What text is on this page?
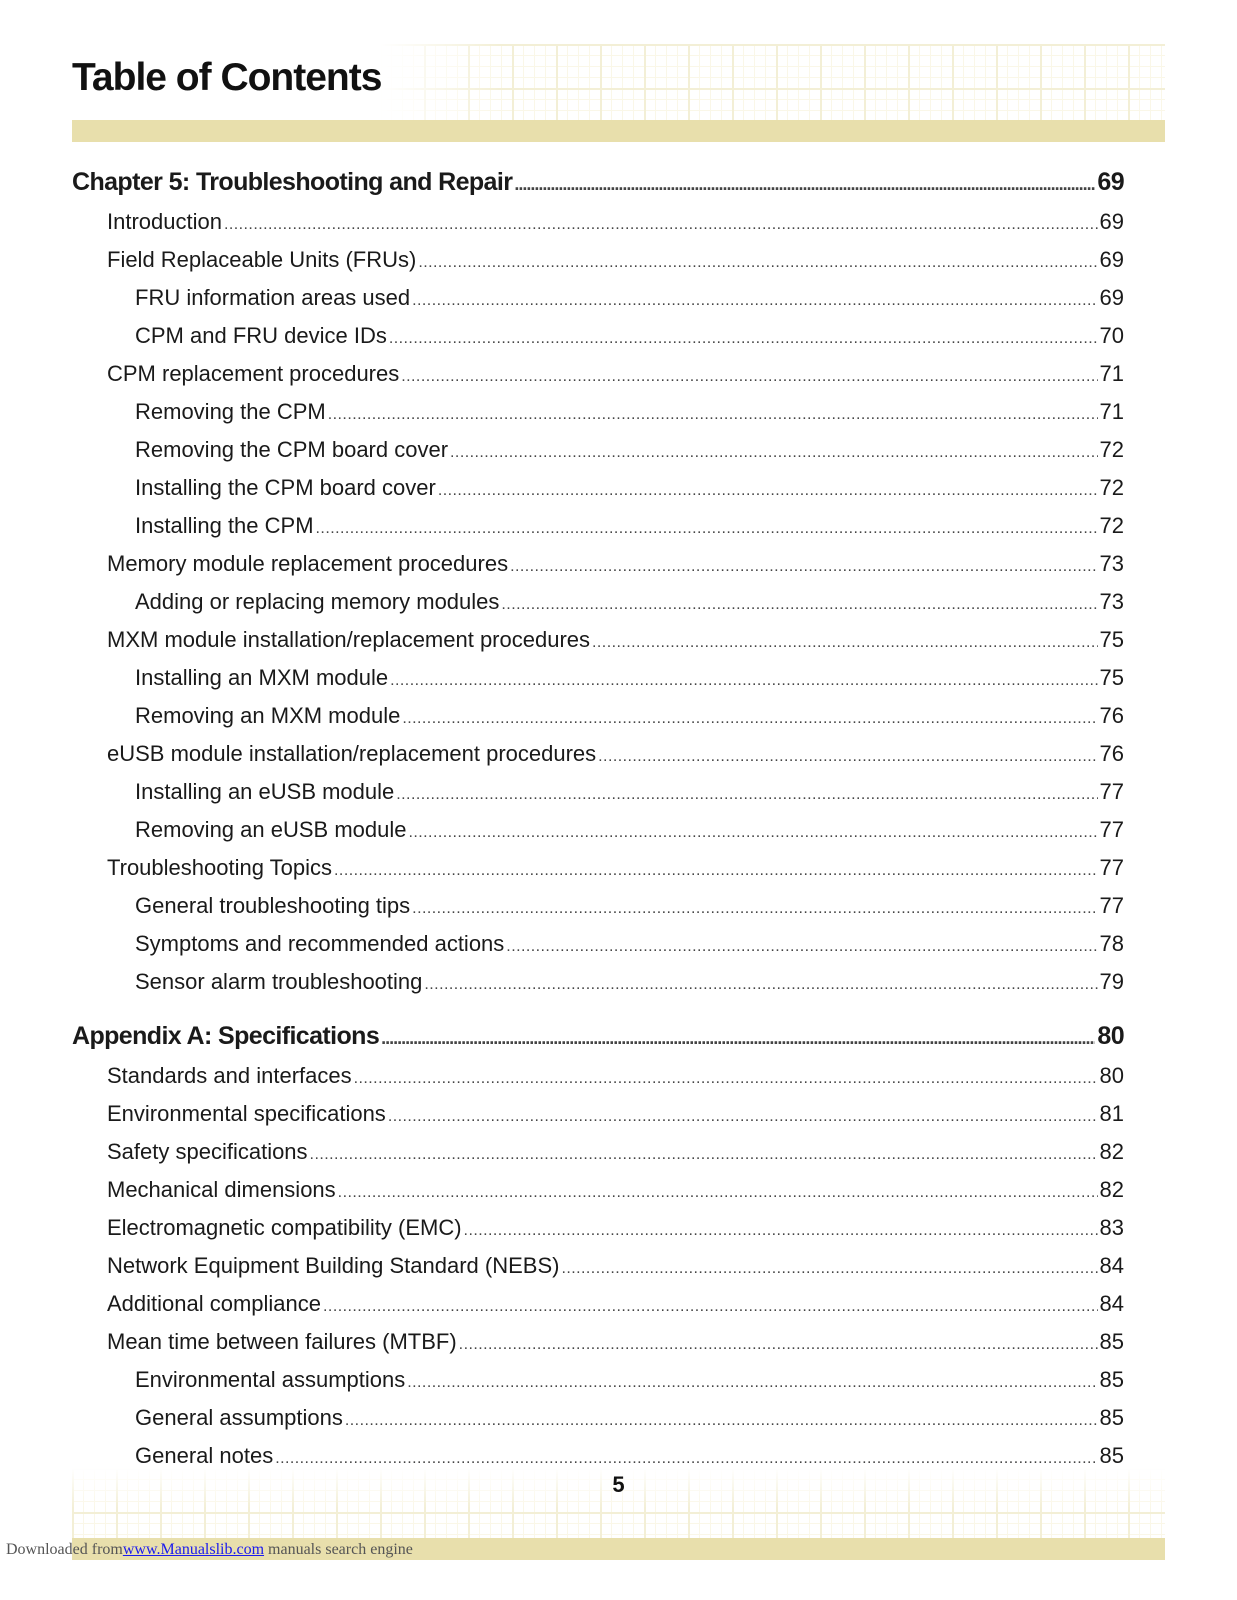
Table of Contents
Chapter 5: Troubleshooting and Repair . . .	69
Introduction . . .	69
Field Replaceable Units (FRUs) . . .	69
FRU information areas used . . .	69
CPM and FRU device IDs . . .	70
CPM replacement procedures . . .	71
Removing the CPM . . .	71
Removing the CPM board cover . . .	72
Installing the CPM board cover . . .	72
Installing the CPM . . .	72
Memory module replacement procedures . . .	73
Adding or replacing memory modules . . .	73
MXM module installation/replacement procedures . . .	75
Installing an MXM module . . .	75
Removing an MXM module . . .	76
eUSB module installation/replacement procedures . . .	76
Installing an eUSB module . . .	77
Removing an eUSB module . . .	77
Troubleshooting Topics . . .	77
General troubleshooting tips . . .	77
Symptoms and recommended actions . . .	78
Sensor alarm troubleshooting . . .	79
Appendix A: Specifications . . .	80
Standards and interfaces . . .	80
Environmental specifications . . .	81
Safety specifications . . .	82
Mechanical dimensions . . .	82
Electromagnetic compatibility (EMC) . . .	83
Network Equipment Building Standard (NEBS) . . .	84
Additional compliance . . .	84
Mean time between failures (MTBF) . . .	85
Environmental assumptions . . .	85
General assumptions . . .	85
General notes . . .	85
5
Downloaded fromwww.Manualslib.com manuals search engine
